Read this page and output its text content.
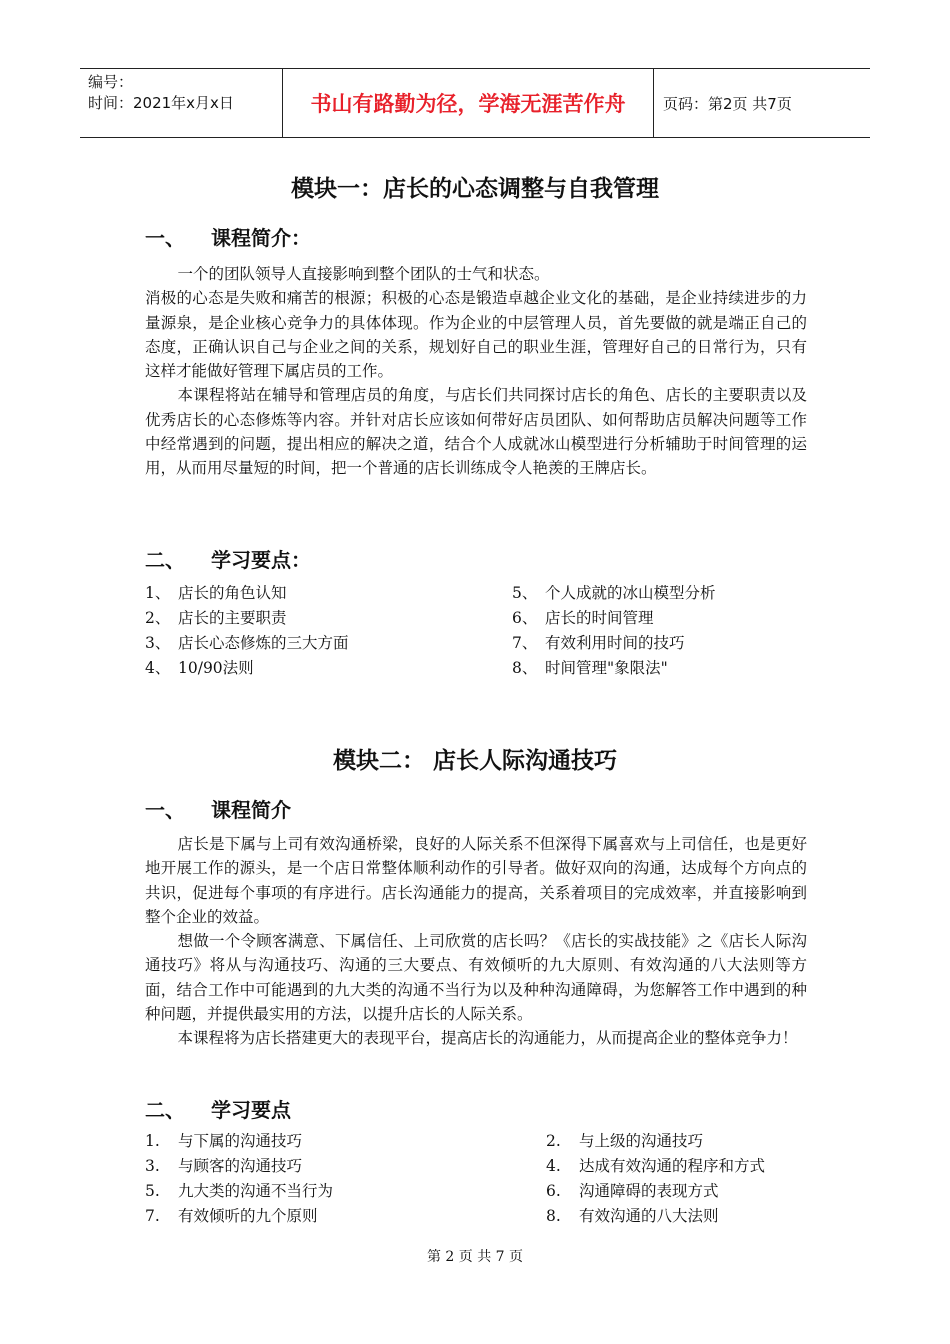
编号：
时间：2021年x月x日	书山有路勤为径，学海无涯苦作舟	页码：第2页 共7页
模块一：店长的心态调整与自我管理
一、 课程简介：
一个的团队领导人直接影响到整个团队的士气和状态。
消极的心态是失败和痛苦的根源；积极的心态是锻造卓越企业文化的基础，是企业持续进步的力量源泉，是企业核心竞争力的具体体现。作为企业的中层管理人员，首先要做的就是端正自己的态度，正确认识自己与企业之间的关系，规划好自己的职业生涯，管理好自己的日常行为，只有这样才能做好管理下属店员的工作。
本课程将站在辅导和管理店员的角度，与店长们共同探讨店长的角色、店长的主要职责以及优秀店长的心态修炼等内容。并针对店长应该如何带好店员团队、如何帮助店员解决问题等工作中经常遇到的问题，提出相应的解决之道，结合个人成就冰山模型进行分析辅助于时间管理的运用，从而用尽量短的时间，把一个普通的店长训练成令人艳羡的王牌店长。
二、 学习要点：
1、 店长的角色认知
2、 店长的主要职责
3、 店长心态修炼的三大方面
4、 10/90法则
5、 个人成就的冰山模型分析
6、 店长的时间管理
7、 有效利用时间的技巧
8、 时间管理"象限法"
模块二： 店长人际沟通技巧
一、 课程简介
店长是下属与上司有效沟通桥梁，良好的人际关系不但深得下属喜欢与上司信任，也是更好地开展工作的源头，是一个店日常整体顺利动作的引导者。做好双向的沟通，达成每个方向点的共识，促进每个事项的有序进行。店长沟通能力的提高，关系着项目的完成效率，并直接影响到整个企业的效益。
想做一个令顾客满意、下属信任、上司欣赏的店长吗？《店长的实战技能》之《店长人际沟通技巧》将从与沟通技巧、沟通的三大要点、有效倾听的九大原则、有效沟通的八大法则等方面，结合工作中可能遇到的九大类的沟通不当行为以及种种沟通障碍，为您解答工作中遇到的种种问题，并提供最实用的方法，以提升店长的人际关系。
本课程将为店长搭建更大的表现平台，提高店长的沟通能力，从而提高企业的整体竞争力！
二、 学习要点
1. 与下属的沟通技巧
3. 与顾客的沟通技巧
5. 九大类的沟通不当行为
7. 有效倾听的九个原则
2. 与上级的沟通技巧
4. 达成有效沟通的程序和方式
6. 沟通障碍的表现方式
8. 有效沟通的八大法则
第 2 页 共 7 页
